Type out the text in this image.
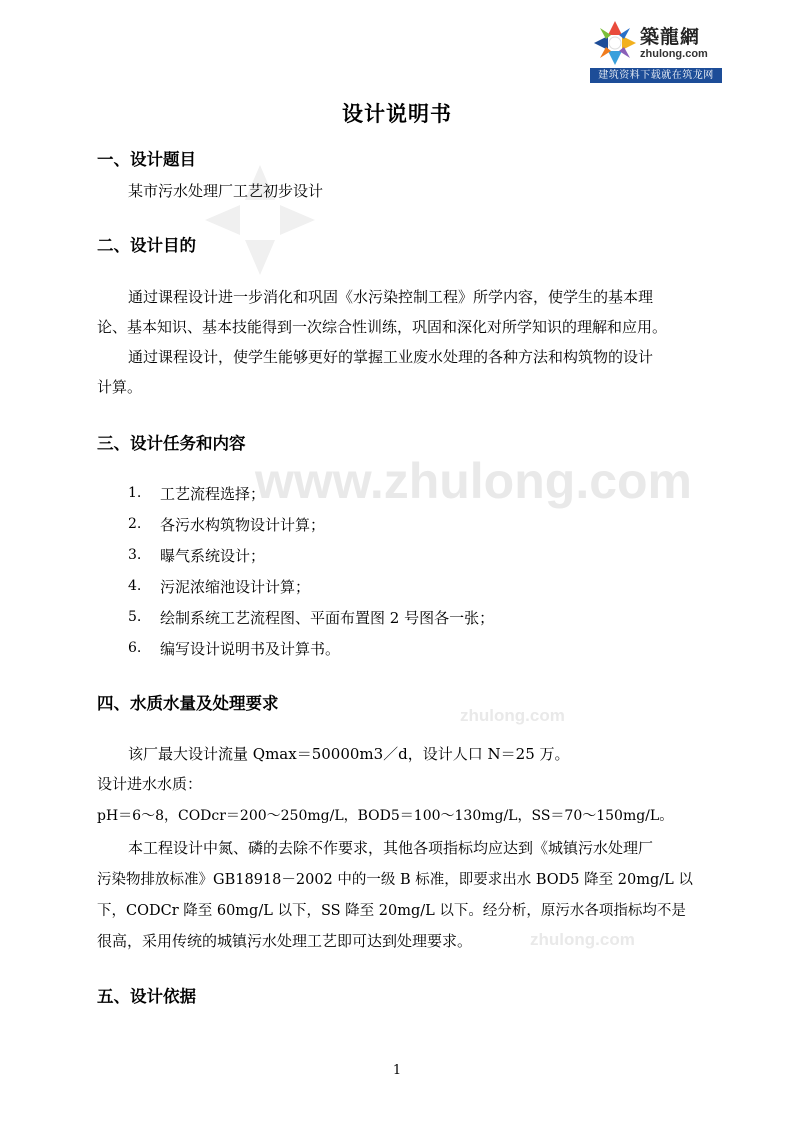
築龍網
zhulong.com
建筑资料下载就在筑龙网
www.zhulong.com
zhulong.com
zhulong.com
设计说明书
一、设计题目
某市污水处理厂工艺初步设计
二、设计目的
通过课程设计进一步消化和巩固《水污染控制工程》所学内容，使学生的基本理
论、基本知识、基本技能得到一次综合性训练，巩固和深化对所学知识的理解和应用。
通过课程设计，使学生能够更好的掌握工业废水处理的各种方法和构筑物的设计
计算。
三、设计任务和内容
1. 工艺流程选择；
2. 各污水构筑物设计计算；
3. 曝气系统设计；
4. 污泥浓缩池设计计算；
5. 绘制系统工艺流程图、平面布置图 2 号图各一张；
6. 编写设计说明书及计算书。
四、水质水量及处理要求
该厂最大设计流量 Qmax＝50000m3／d，设计人口 N＝25 万。
设计进水水质：
pH＝6～8，CODcr＝200～250mg/L，BOD5＝100～130mg/L，SS＝70～150mg/L。
本工程设计中氮、磷的去除不作要求，其他各项指标均应达到《城镇污水处理厂
污染物排放标准》GB18918－2002 中的一级 B 标准，即要求出水 BOD5 降至 20mg/L 以
下，CODCr 降至 60mg/L 以下，SS 降至 20mg/L 以下。经分析，原污水各项指标均不是
很高，采用传统的城镇污水处理工艺即可达到处理要求。
五、设计依据
1
